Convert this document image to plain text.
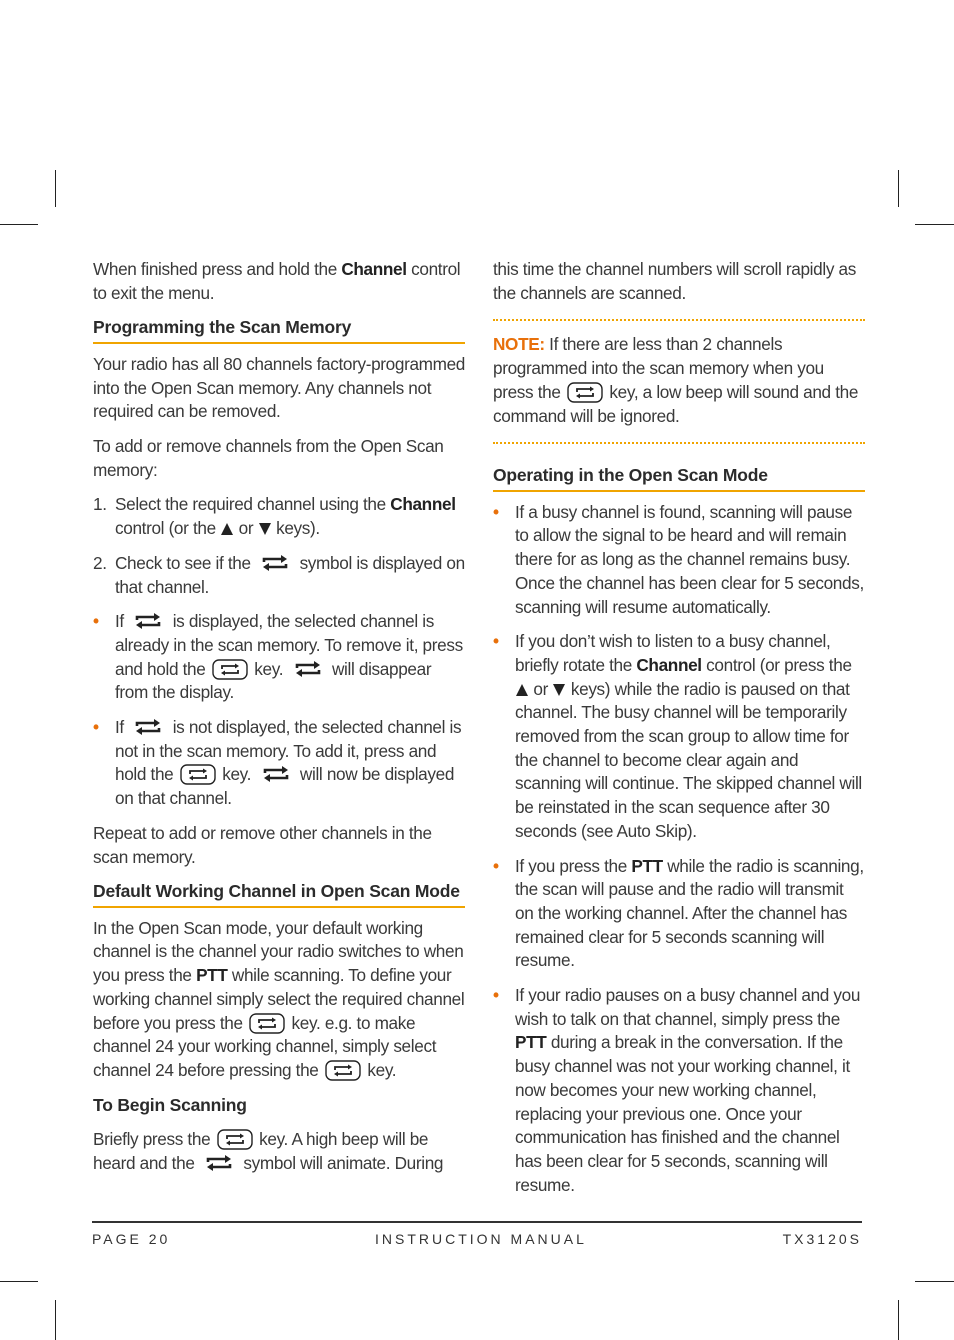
When finished press and hold the Channel control to exit the menu.

Programming the Scan Memory

Your radio has all 80 channels factory-programmed into the Open Scan memory. Any channels not required can be removed.

To add or remove channels from the Open Scan memory:

1. Select the required channel using the Channel control (or the  or  keys).

2. Check to see if the  symbol is displayed on that channel.

• If  is displayed, the selected channel is already in the scan memory. To remove it, press and hold the  key.  will disappear from the display.

• If  is not displayed, the selected channel is not in the scan memory. To add it, press and hold the  key.  will now be displayed on that channel.

Repeat to add or remove other channels in the scan memory.

Default Working Channel in Open Scan Mode

In the Open Scan mode, your default working channel is the channel your radio switches to when you press the PTT while scanning. To define your working channel simply select the required channel before you press the  key. e.g. to make channel 24 your working channel, simply select channel 24 before pressing the  key.

To Begin Scanning

Briefly press the  key. A high beep will be heard and the  symbol will animate. During

this time the channel numbers will scroll rapidly as the channels are scanned.

NOTE: If there are less than 2 channels programmed into the scan memory when you press the  key, a low beep will sound and the command will be ignored.

Operating in the Open Scan Mode

• If a busy channel is found, scanning will pause to allow the signal to be heard and will remain there for as long as the channel remains busy. Once the channel has been clear for 5 seconds, scanning will resume automatically.

• If you don’t wish to listen to a busy channel, briefly rotate the Channel control (or press the  or  keys) while the radio is paused on that channel. The busy channel will be temporarily removed from the scan group to allow time for the channel to become clear again and scanning will continue. The skipped channel will be reinstated in the scan sequence after 30 seconds (see Auto Skip).

• If you press the PTT while the radio is scanning, the scan will pause and the radio will transmit on the working channel. After the channel has remained clear for 5 seconds scanning will resume.

• If your radio pauses on a busy channel and you wish to talk on that channel, simply press the PTT during a break in the conversation. If the busy channel was not your working channel, it now becomes your new working channel, replacing your previous one. Once your communication has finished and the channel has been clear for 5 seconds, scanning will resume.

PAGE 20	INSTRUCTION MANUAL	TX3120S
